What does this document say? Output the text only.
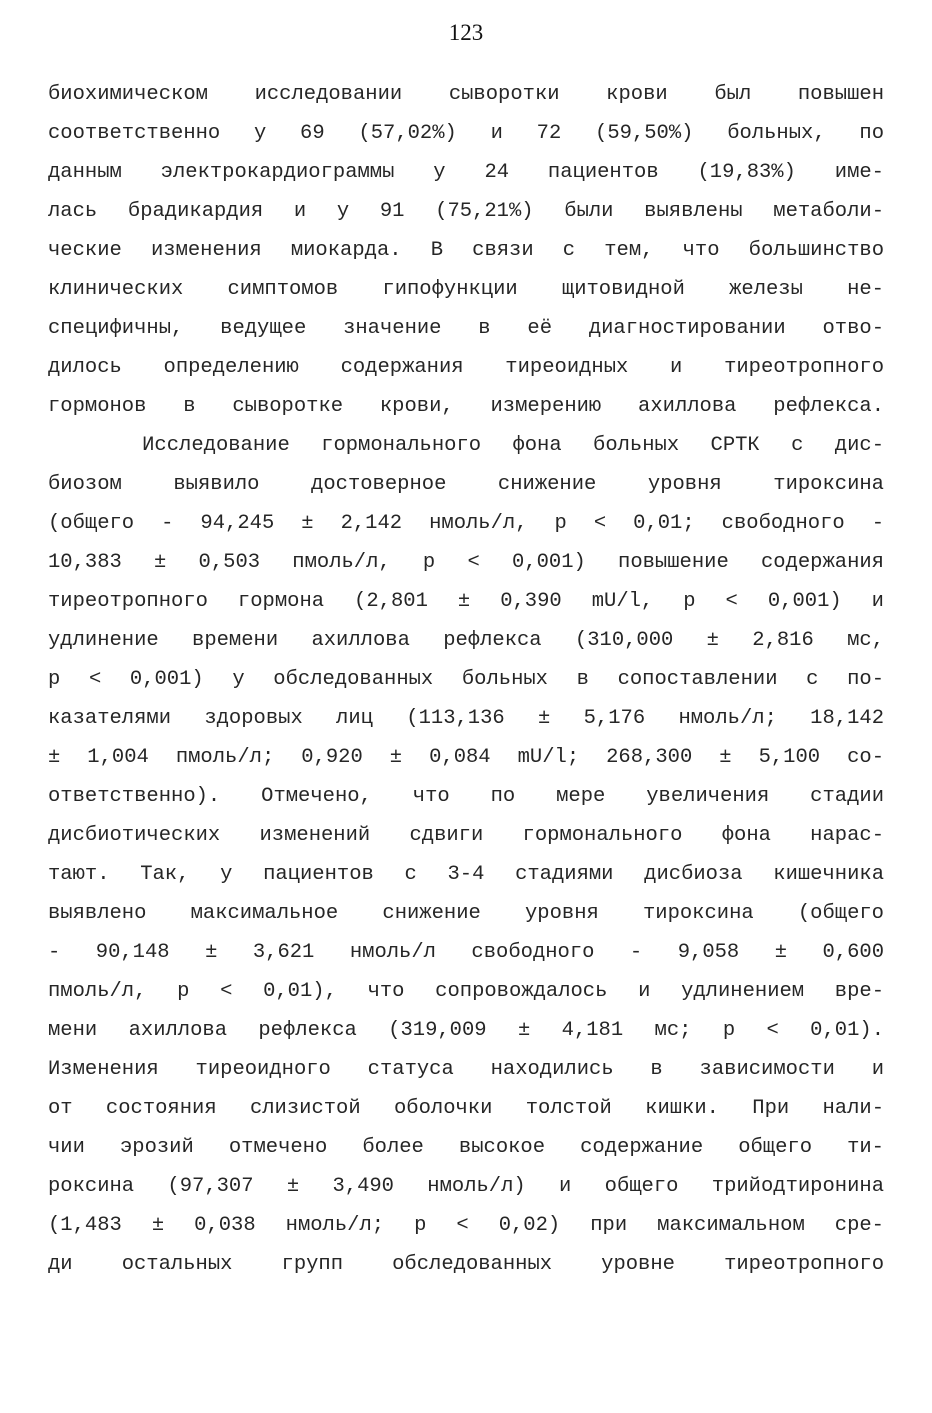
123
биохимическом исследовании сыворотки крови был повышен
соответственно у 69 (57,02%) и 72 (59,50%) больных, по
данным электрокардиограммы у 24 пациентов (19,83%) име-
лась брадикардия и у 91 (75,21%) были выявлены метаболи-
ческие изменения миокарда. В связи с тем, что большинство
клинических симптомов гипофункции щитовидной железы не-
специфичны, ведущее значение в её диагностировании отво-
дилось определению содержания тиреоидных и тиреотропного
гормонов в сыворотке крови, измерению ахиллова рефлекса.
Исследование гормонального фона больных СРТК с дис-
биозом выявило достоверное снижение уровня тироксина
(общего - 94,245 ± 2,142 нмоль/л, р < 0,01; свободного -
10,383 ± 0,503 пмоль/л, р < 0,001) повышение содержания
тиреотропного гормона (2,801 ± 0,390 mU/l, р < 0,001) и
удлинение времени ахиллова рефлекса (310,000 ± 2,816 мс,
р < 0,001) у обследованных больных в сопоставлении с по-
казателями здоровых лиц (113,136 ± 5,176 нмоль/л; 18,142
± 1,004 пмоль/л; 0,920 ± 0,084 mU/l; 268,300 ± 5,100 со-
ответственно). Отмечено, что по мере увеличения стадии
дисбиотических изменений сдвиги гормонального фона нарас-
тают. Так, у пациентов с 3-4 стадиями дисбиоза кишечника
выявлено максимальное снижение уровня тироксина (общего
- 90,148 ± 3,621 нмоль/л свободного - 9,058 ± 0,600
пмоль/л, р < 0,01), что сопровождалось и удлинением вре-
мени ахиллова рефлекса (319,009 ± 4,181 мс; р < 0,01).
Изменения тиреоидного статуса находились в зависимости и
от состояния слизистой оболочки толстой кишки. При нали-
чии эрозий отмечено более высокое содержание общего ти-
роксина (97,307 ± 3,490 нмоль/л) и общего трийодтиронина
(1,483 ± 0,038 нмоль/л; р < 0,02) при максимальном сре-
ди остальных групп обследованных уровне тиреотропного
